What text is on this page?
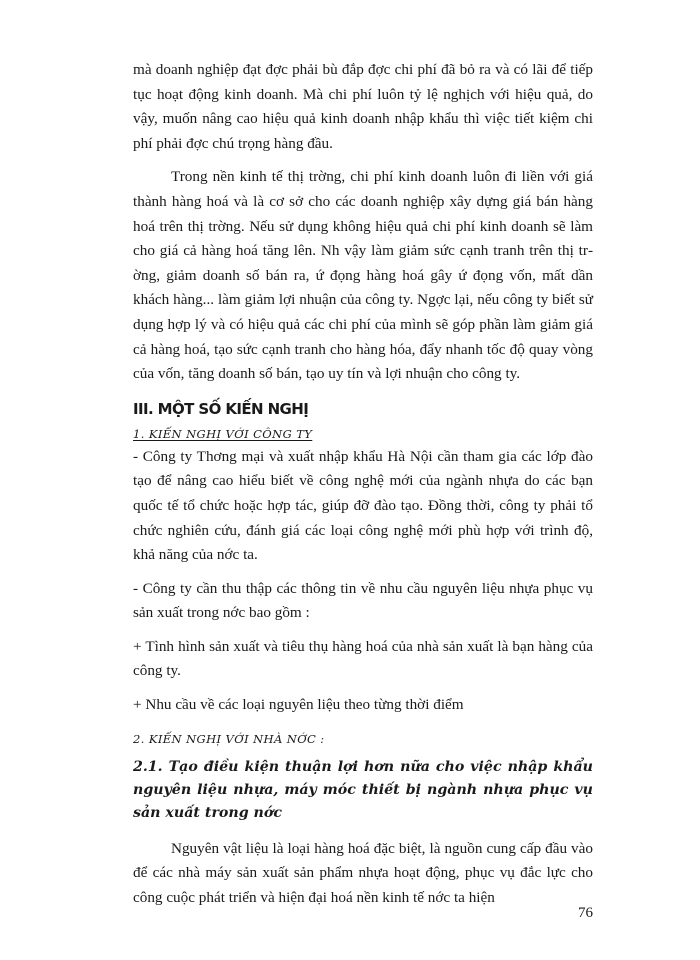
mà doanh nghiệp đạt đợc phải bù đắp đợc chi phí đã bỏ ra và có lãi để tiếp tục hoạt động kinh doanh. Mà chi phí luôn tỷ lệ nghịch với hiệu quả, do vậy, muốn nâng cao hiệu quả kinh doanh nhập khẩu thì việc tiết kiệm chi phí phải đợc chú trọng hàng đầu.

Trong nền kinh tế thị trờng, chi phí kinh doanh luôn đi liền với giá thành hàng hoá và là cơ sở cho các doanh nghiệp xây dựng giá bán hàng hoá trên thị trờng. Nếu sử dụng không hiệu quả chi phí kinh doanh sẽ làm cho giá cả hàng hoá tăng lên. Nh vậy làm giảm sức cạnh tranh trên thị trờng, giảm doanh số bán ra, ứ đọng hàng hoá gây ứ đọng vốn, mất dần khách hàng... làm giảm lợi nhuận của công ty. Ngợc lại, nếu công ty biết sử dụng hợp lý và có hiệu quả các chi phí của mình sẽ góp phần làm giảm giá cả hàng hoá, tạo sức cạnh tranh cho hàng hóa, đẩy nhanh tốc độ quay vòng của vốn, tăng doanh số bán, tạo uy tín và lợi nhuận cho công ty.

III. MỘT SỐ KIẾN NGHỊ
1. KIẾN NGHỊ VỚI CÔNG TY

- Công ty Thơng mại và xuất nhập khẩu Hà Nội cần tham gia các lớp đào tạo để nâng cao hiểu biết về công nghệ mới của ngành nhựa do các bạn quốc tế tổ chức hoặc hợp tác, giúp đỡ đào tạo. Đồng thời, công ty phải tổ chức nghiên cứu, đánh giá các loại công nghệ mới phù hợp với trình độ, khả năng của nớc ta.

- Công ty cần thu thập các thông tin về nhu cầu nguyên liệu nhựa phục vụ sản xuất trong nớc bao gồm :

+ Tình hình sản xuất và tiêu thụ hàng hoá của nhà sản xuất là bạn hàng của công ty.

+ Nhu cầu về các loại nguyên liệu theo từng thời điểm

2. KIẾN NGHỊ VỚI NHÀ NỚC :
2.1. Tạo điều kiện thuận lợi hơn nữa cho việc nhập khẩu nguyên liệu nhựa, máy móc thiết bị ngành nhựa phục vụ sản xuất trong nớc

Nguyên vật liệu là loại hàng hoá đặc biệt, là nguồn cung cấp đầu vào để các nhà máy sản xuất sản phẩm nhựa hoạt động, phục vụ đắc lực cho công cuộc phát triển và hiện đại hoá nền kinh tế nớc ta hiện

76
